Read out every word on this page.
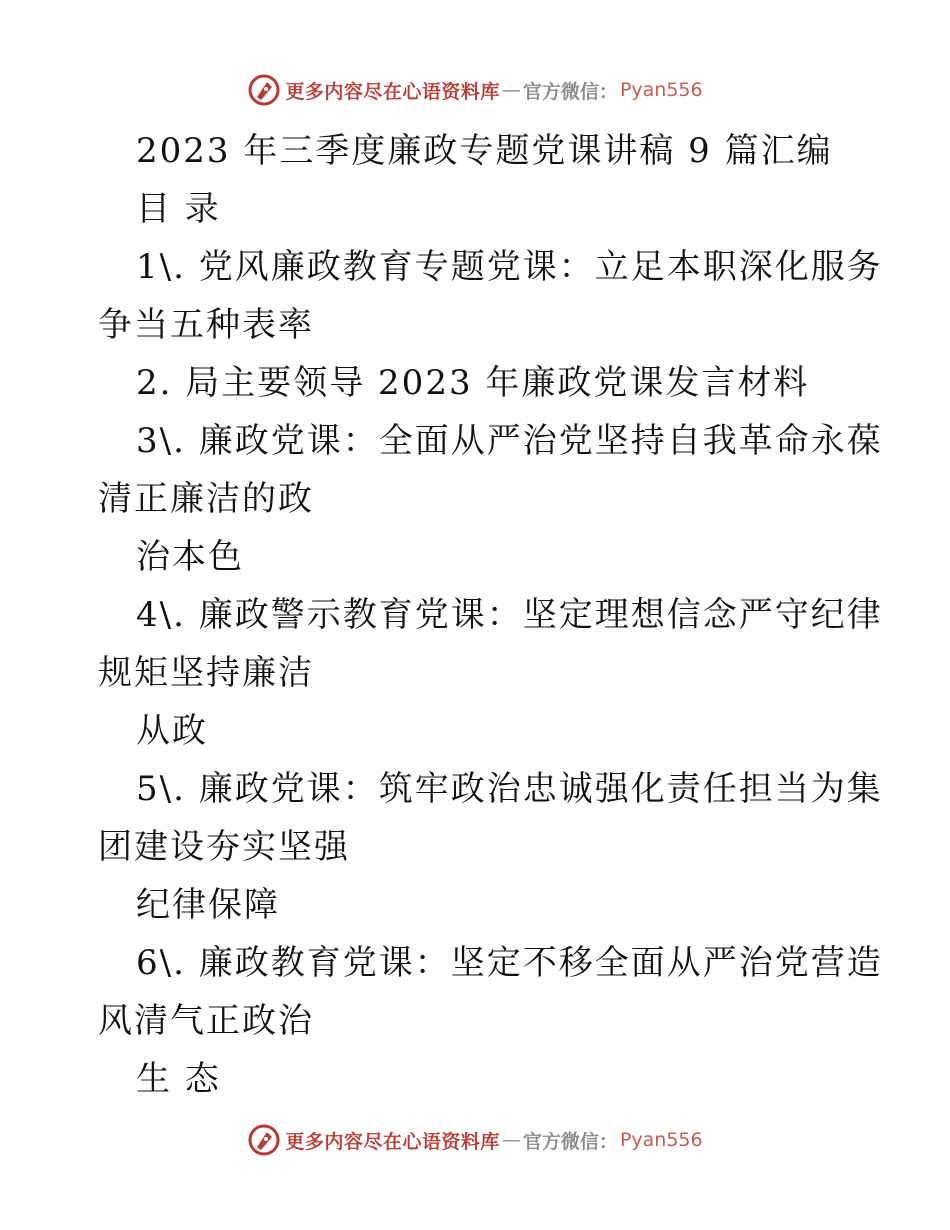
更多内容尽在心语资料库 — 官方微信： Pyan556
2023 年三季度廉政专题党课讲稿 9 篇汇编
目 录
1\. 党风廉政教育专题党课：立足本职深化服务
争当五种表率
2. 局主要领导 2023 年廉政党课发言材料
3\. 廉政党课：全面从严治党坚持自我革命永葆
清正廉洁的政
治本色
4\. 廉政警示教育党课：坚定理想信念严守纪律
规矩坚持廉洁
从政
5\. 廉政党课：筑牢政治忠诚强化责任担当为集
团建设夯实坚强
纪律保障
6\. 廉政教育党课：坚定不移全面从严治党营造
风清气正政治
生 态
更多内容尽在心语资料库 — 官方微信： Pyan556
